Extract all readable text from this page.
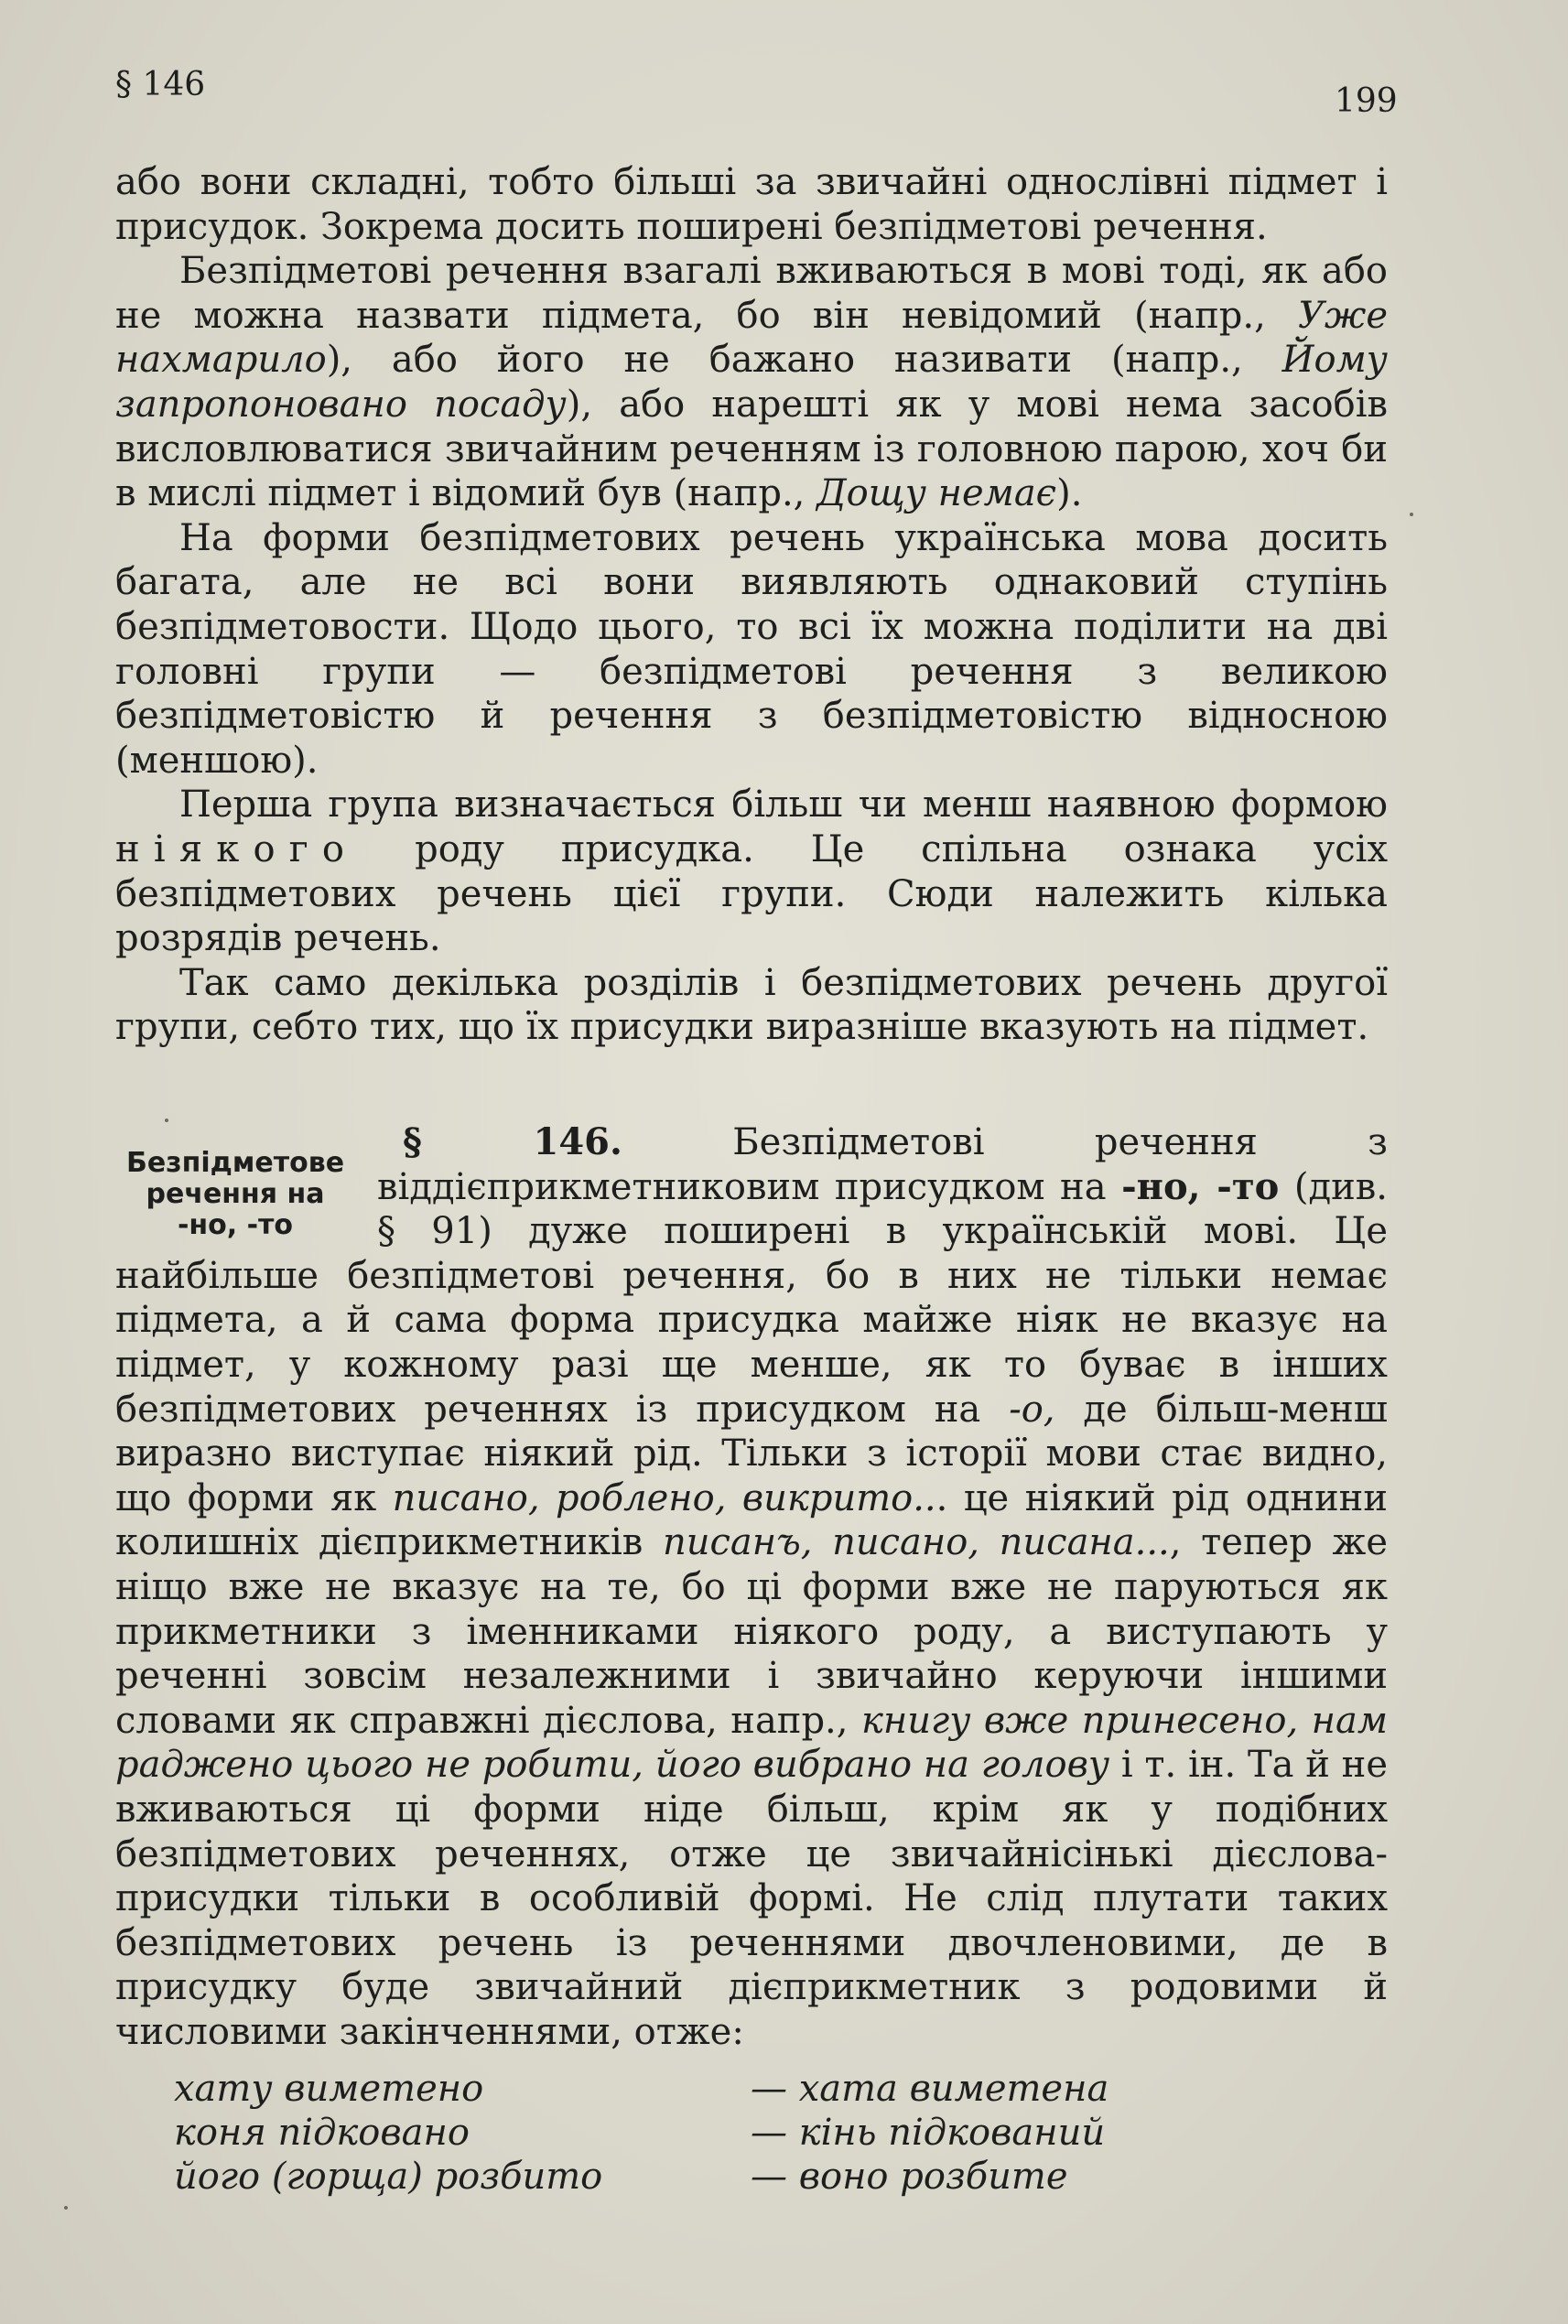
§ 146	199

або вони складні, тобто більші за звичайні однослівні підмет і присудок. Зокрема досить поширені безпідметові речення.

Безпідметові речення взагалі вживаються в мові тоді, як або не можна назвати підмета, бо він невідомий (напр., Уже нахмарило), або його не бажано називати (напр., Йому запропоновано посаду), або нарешті як у мові нема засобів висловлюватися звичайним реченням із головною парою, хоч би в мислі підмет і відомий був (напр., Дощу немає).

На форми безпідметових речень українська мова досить багата, але не всі вони виявляють однаковий ступінь безпідметовости. Щодо цього, то всі їх можна поділити на дві головні групи — безпідметові речення з великою безпідметовістю й речення з безпідметовістю відносною (меншою).

Перша група визначається більш чи менш наявною формою ніякого роду присудка. Це спільна ознака усіх безпідметових речень цієї групи. Сюди належить кілька розрядів речень.

Так само декілька розділів і безпідметових речень другої групи, себто тих, що їх присудки виразніше вказують на підмет.

Безпідметове
речення на
-но, -то

§ 146. Безпідметові речення з віддієприкметниковим присудком на -но, -то (див. § 91) дуже поширені в українській мові. Це найбільше безпідметові речення, бо в них не тільки немає підмета, а й сама форма присудка майже ніяк не вказує на підмет, у кожному разі ще менше, як то буває в інших безпідметових реченнях із присудком на -о, де більш-менш виразно виступає ніякий рід. Тільки з історії мови стає видно, що форми як писано, роблено, викрито... це ніякий рід однини колишніх дієприкметників писанъ, писано, писана..., тепер же ніщо вже не вказує на те, бо ці форми вже не паруються як прикметники з іменниками ніякого роду, а виступають у реченні зовсім незалежними і звичайно керуючи іншими словами як справжні дієслова, напр., книгу вже принесено, нам раджено цього не робити, його вибрано на голову і т. ін. Та й не вживаються ці форми ніде більш, крім як у подібних безпідметових реченнях, отже це звичайнісінькі дієслова-присудки тільки в особливій формі. Не слід плутати таких безпідметових речень із реченнями двочленовими, де в присудку буде звичайний дієприкметник з родовими й числовими закінченнями, отже:

хату виметено	— хата виметена
коня підковано	— кінь підкований
його (горща) розбито	— воно розбите
